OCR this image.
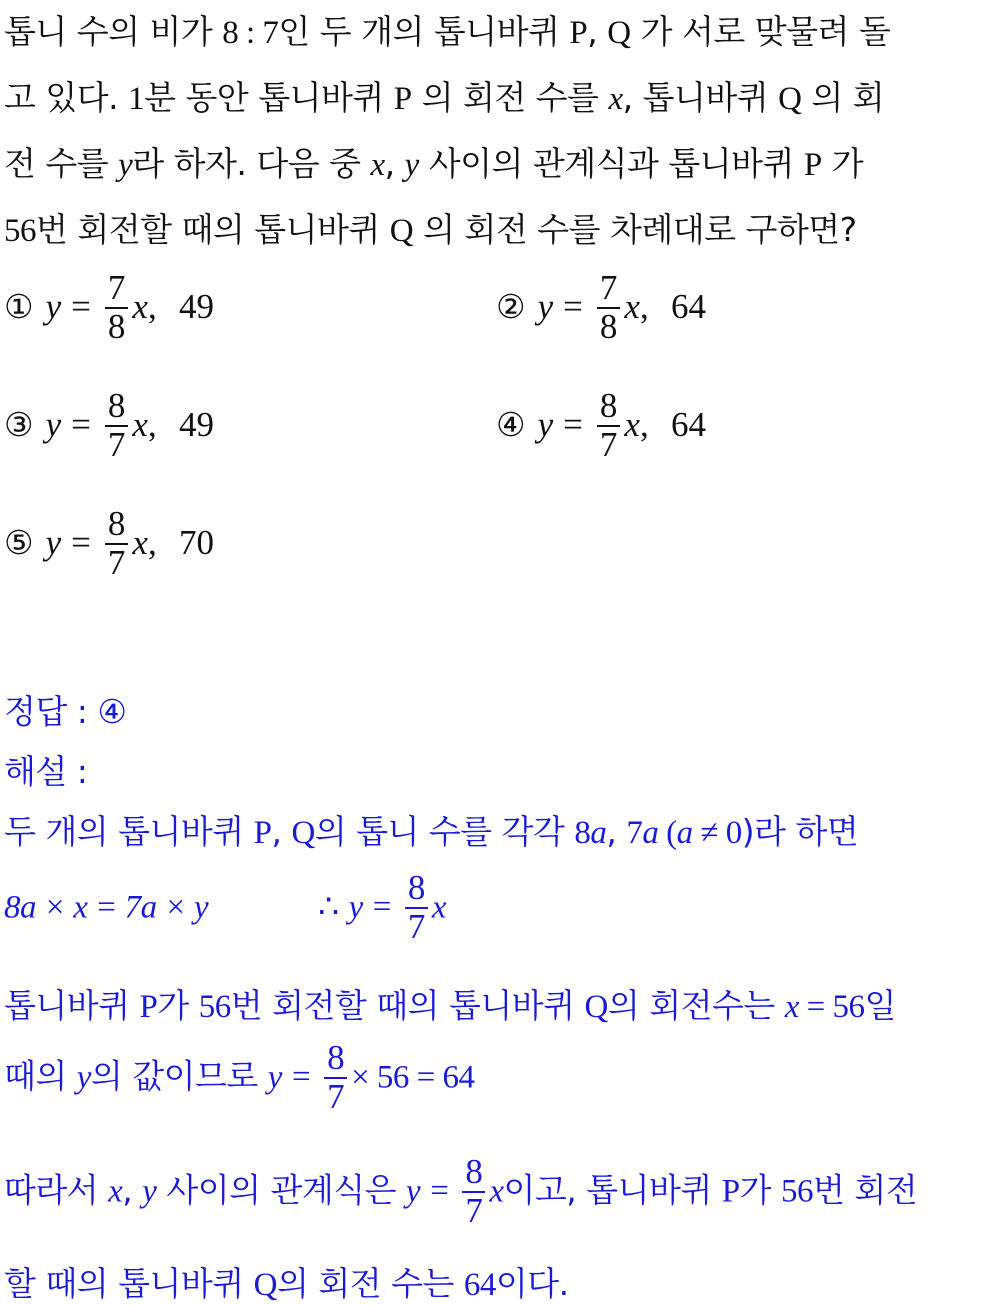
톱니 수의 비가 8 : 7인 두 개의 톱니바퀴 P, Q 가 서로 맞물려 돌
고 있다. 1분 동안 톱니바퀴 P 의 회전 수를 x, 톱니바퀴 Q 의 회
전 수를 y라 하자. 다음 중 x, y 사이의 관계식과 톱니바퀴 P 가
56번 회전할 때의 톱니바퀴 Q 의 회전 수를 차례대로 구하면?
① $y = \frac{7}{8} x$, 49	② $y = \frac{7}{8} x$, 64
③ $y = \frac{8}{7} x$, 49	④ $y = \frac{8}{7} x$, 64
⑤ $y = \frac{8}{7} x$, 70
정답 : ④
해설 :
두 개의 톱니바퀴 P, Q의 톱니 수를 각각 8a, 7a (a ≠ 0)라 하면
8a × x = 7a × y	∴ $y = \frac{8}{7}$ x
톱니바퀴 P가 56번 회전할 때의 톱니바퀴 Q의 회전수는 x = 56일
때의 y의 값이므로 $y = \frac{8}{7} \times 56 = 64$
따라서 x, y 사이의 관계식은 $y = \frac{8}{7}$ x이고, 톱니바퀴 P가 56번 회전
할 때의 톱니바퀴 Q의 회전 수는 64이다.
